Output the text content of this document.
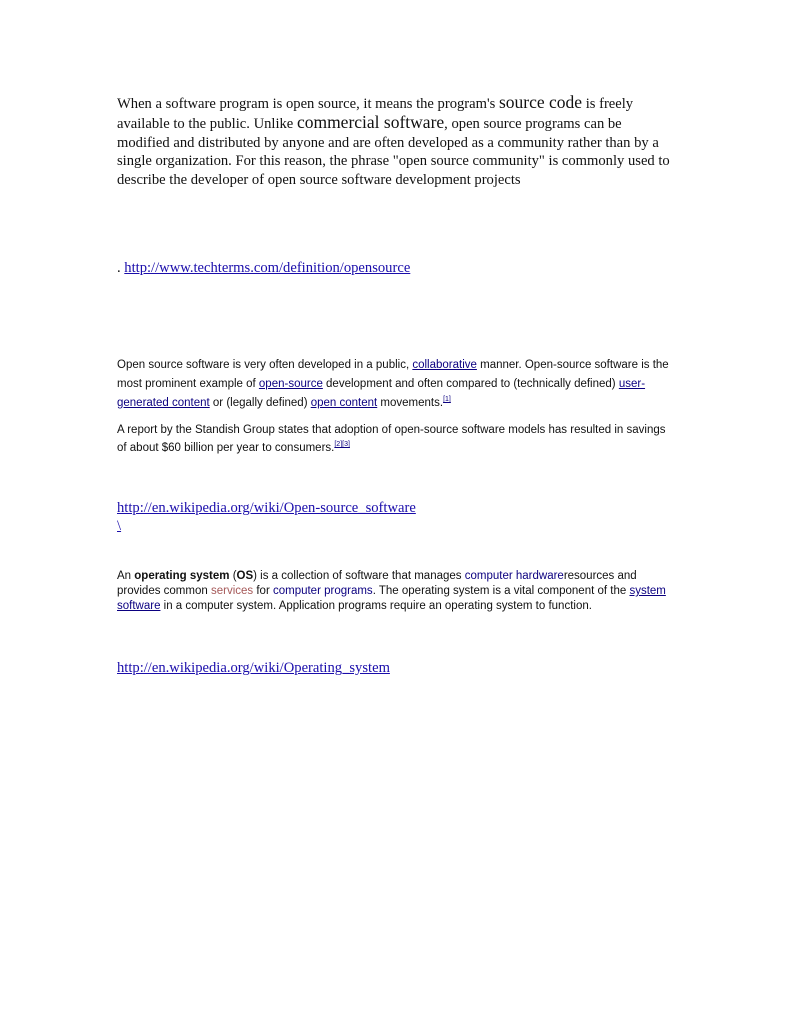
When a software program is open source, it means the program's source code is freely available to the public. Unlike commercial software, open source programs can be modified and distributed by anyone and are often developed as a community rather than by a single organization. For this reason, the phrase "open source community" is commonly used to describe the developer of open source software development projects

. http://www.techterms.com/definition/opensource

Open source software is very often developed in a public, collaborative manner. Open-source software is the most prominent example of open-source development and often compared to (technically defined) user-generated content or (legally defined) open content movements.[1]

A report by the Standish Group states that adoption of open-source software models has resulted in savings of about $60 billion per year to consumers.[2][3]

http://en.wikipedia.org/wiki/Open-source_software
\

An operating system (OS) is a collection of software that manages computer hardwareresources and provides common services for computer programs. The operating system is a vital component of the system software in a computer system. Application programs require an operating system to function.

http://en.wikipedia.org/wiki/Operating_system
